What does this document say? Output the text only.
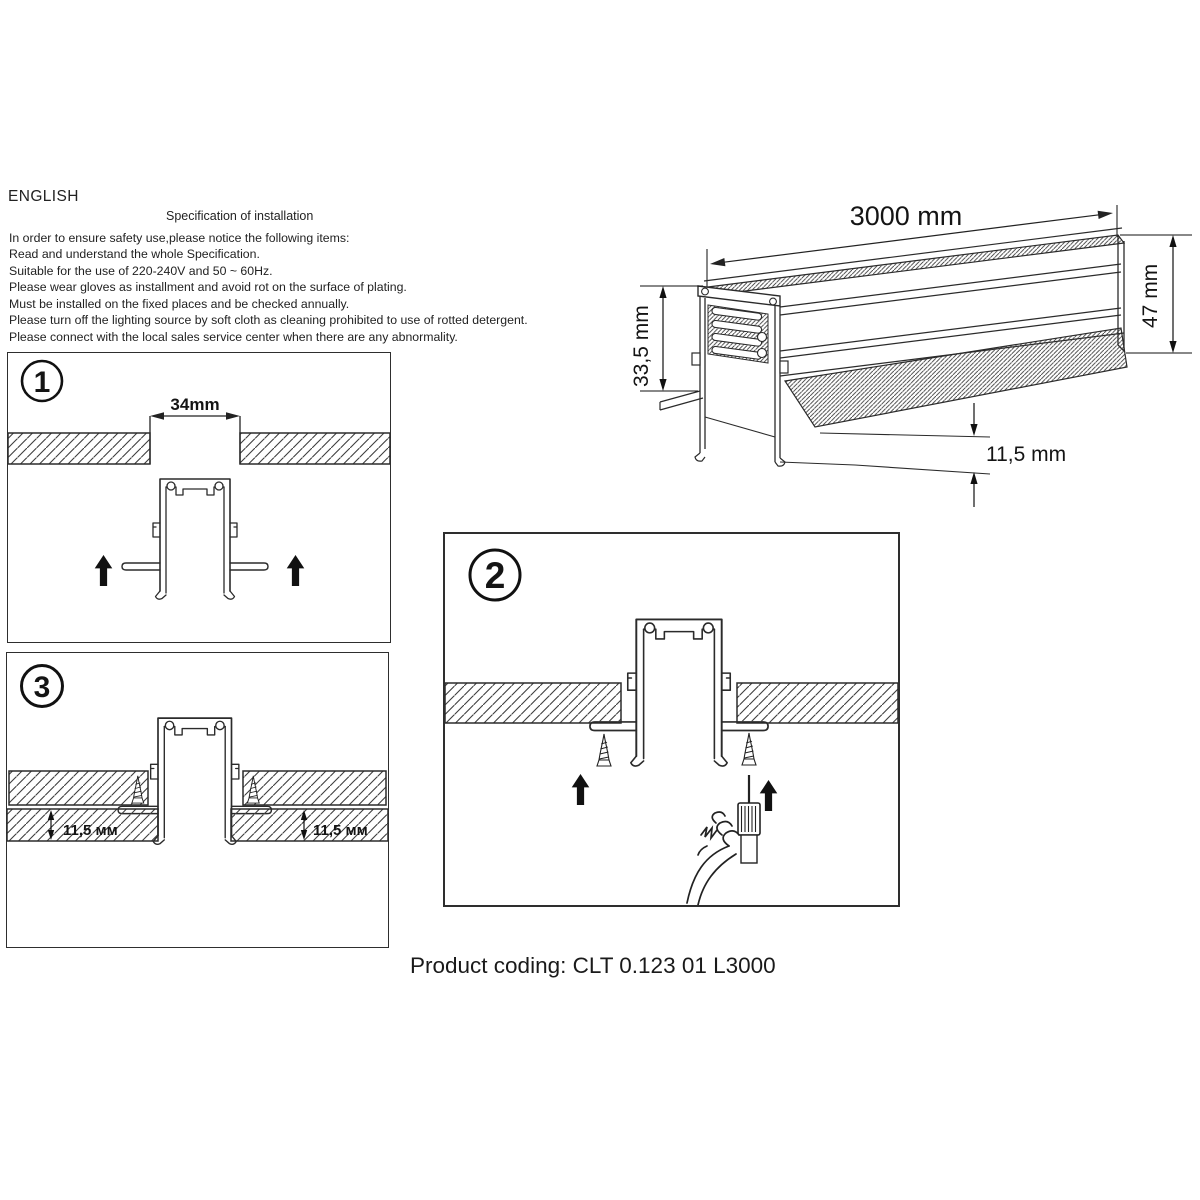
ENGLISH
Specification of installation
In order to ensure safety use,please notice the following items:
Read and understand the whole Specification.
Suitable for the use of 220-240V and 50 ~ 60Hz.
Please wear gloves as installment and avoid rot on the surface of plating.
Must be installed on the fixed places and be checked annually.
Please turn off the lighting source by soft cloth as cleaning prohibited to use of rotted detergent.
Please connect with the local sales service center when there are any abnormality.
1
34mm
3
11,5 мм	11,5 мм
2
3000 mm
33,5 mm
47 mm
11,5 mm
Product coding: CLT 0.123 01 L3000
